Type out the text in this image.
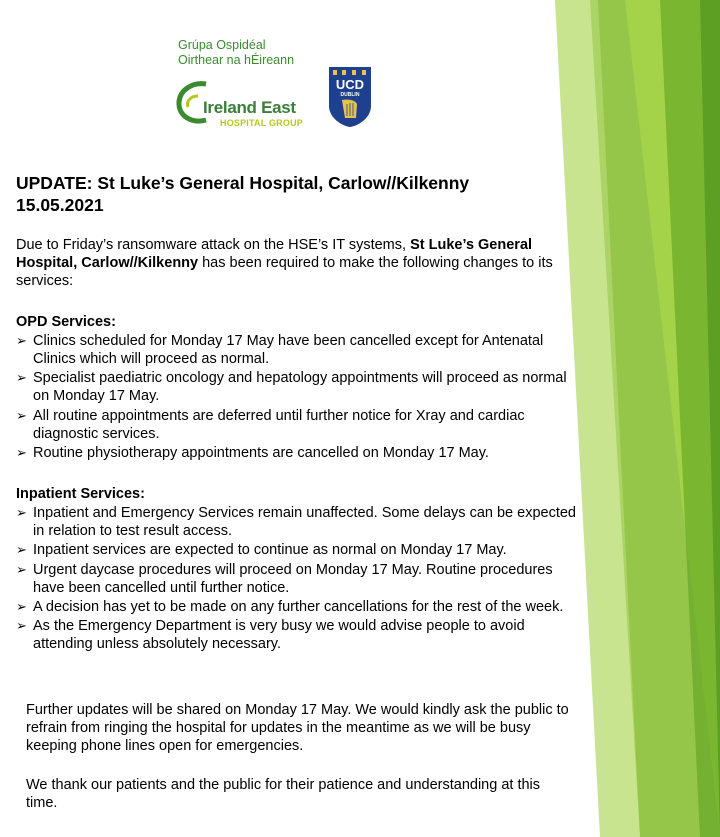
Grúpa Ospidéal
Oirthear na hÉireann
Ireland East
HOSPITAL GROUP
UCD
DUBLIN
UPDATE: St Luke’s General Hospital, Carlow//Kilkenny
15.05.2021
Due to Friday’s ransomware attack on the HSE’s IT systems, St Luke’s General Hospital, Carlow//Kilkenny has been required to make the following changes to its services:
OPD Services:
➢ Clinics scheduled for Monday 17 May have been cancelled except for Antenatal Clinics which will proceed as normal.
➢ Specialist paediatric oncology and hepatology appointments will proceed as normal on Monday 17 May.
➢ All routine appointments are deferred until further notice for Xray and cardiac diagnostic services.
➢ Routine physiotherapy appointments are cancelled on Monday 17 May.
Inpatient Services:
➢ Inpatient and Emergency Services remain unaffected. Some delays can be expected in relation to test result access.
➢ Inpatient services are expected to continue as normal on Monday 17 May.
➢ Urgent daycase procedures will proceed on Monday 17 May. Routine procedures have been cancelled until further notice.
➢ A decision has yet to be made on any further cancellations for the rest of the week.
➢ As the Emergency Department is very busy we would advise people to avoid attending unless absolutely necessary.
Further updates will be shared on Monday 17 May. We would kindly ask the public to refrain from ringing the hospital for updates in the meantime as we will be busy keeping phone lines open for emergencies.
We thank our patients and the public for their patience and understanding at this time.
